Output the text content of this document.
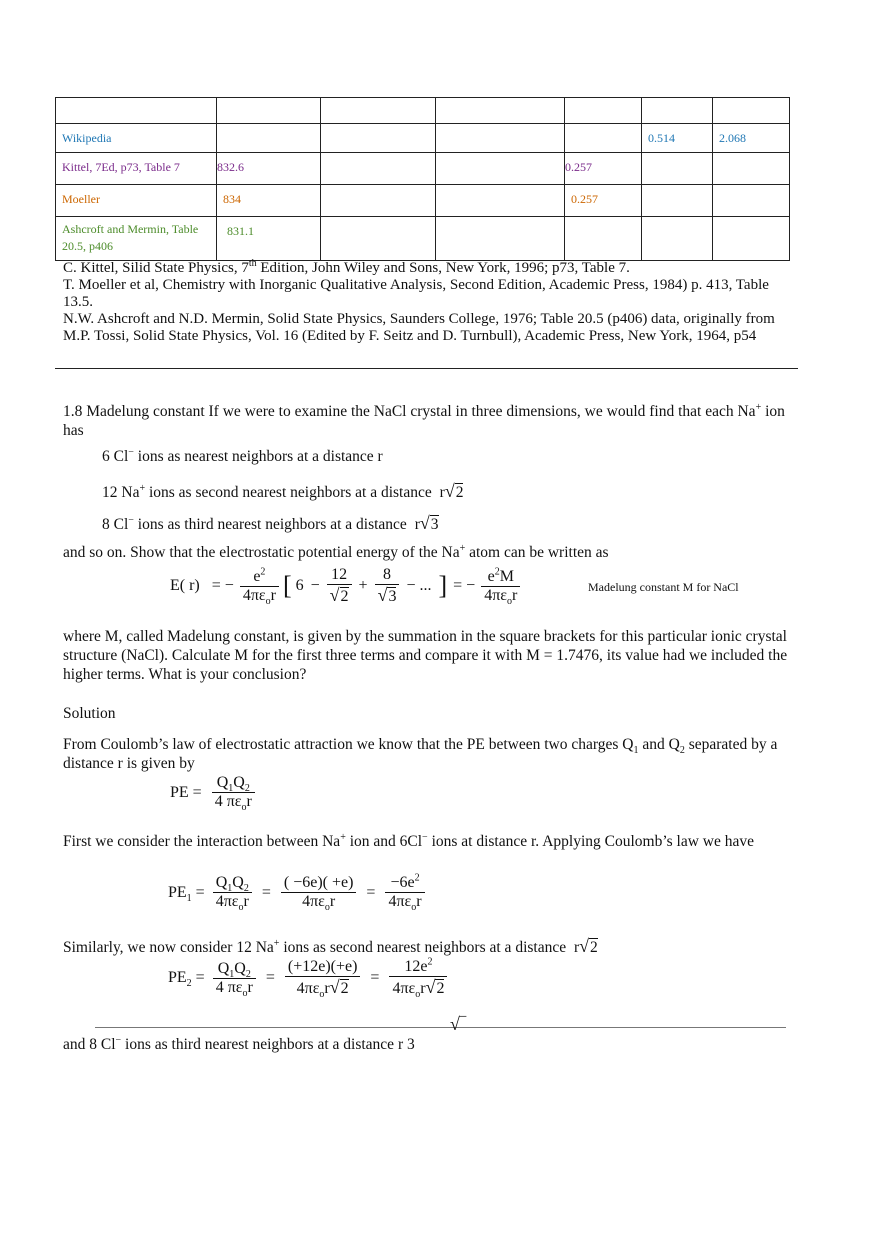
Wikipedia					0.514	2.068
Kittel, 7Ed, p73, Table 7	832.6			0.257		
Moeller	834			0.257		
Ashcroft and Mermin, Table 20.5, p406	831.1					

C. Kittel, Silid State Physics, 7th Edition, John Wiley and Sons, New York, 1996; p73, Table 7.

T. Moeller et al, Chemistry with Inorganic Qualitative Analysis, Second Edition, Academic Press, 1984) p. 413, Table 13.5.

N.W. Ashcroft and N.D. Mermin, Solid State Physics, Saunders College, 1976; Table 20.5 (p406) data, originally from M.P. Tossi, Solid State Physics, Vol. 16 (Edited by F. Seitz and D. Turnbull), Academic Press, New York, 1964, p54

1.8 Madelung constant If we were to examine the NaCl crystal in three dimensions, we would find that each Na+ ion has

6 Cl− ions as nearest neighbors at a distance r
12 Na+ ions as second nearest neighbors at a distance r√2
8 Cl− ions as third nearest neighbors at a distance r√3
and so on. Show that the electrostatic potential energy of the Na+ atom can be written as
E( r) = − $\frac{e^2}{4\pi\varepsilon_or}$ [ $6 - \frac{12}{√2} + \frac{8}{√3}$ − ... ] = − $\frac{e^2M}{4\pi\varepsilon_or}$	Madelung constant M for NaCl

where M, called Madelung constant, is given by the summation in the square brackets for this particular ionic crystal structure (NaCl). Calculate M for the first three terms and compare it with M = 1.7476, its value had we included the higher terms. What is your conclusion?

Solution

From Coulomb’s law of electrostatic attraction we know that the PE between two charges $Q_1$ and $Q_2$ separated by a distance r is given by

PE = $\frac{Q_1Q_2}{4 \pi\varepsilon_or}$

First we consider the interaction between Na+ ion and 6Cl− ions at distance r. Applying Coulomb’s law we have

$PE_1 = \frac{Q_1Q_2}{4\pi\varepsilon_or} = \frac{( -6e)( +e)}{4\pi\varepsilon_or} = \frac{-6e^2}{4\pi\varepsilon_or}$
Similarly, we now consider 12 Na+ ions as second nearest neighbors at a distance r√2
$PE_2 = \frac{Q_1Q_2}{4 \pi\varepsilon_or} = \frac{(+12e)(+e)}{4\pi\varepsilon_or√2} = \frac{12e^2}{4\pi\varepsilon_or√2}$
√‾
and 8 Cl− ions as third nearest neighbors at a distance r 3
